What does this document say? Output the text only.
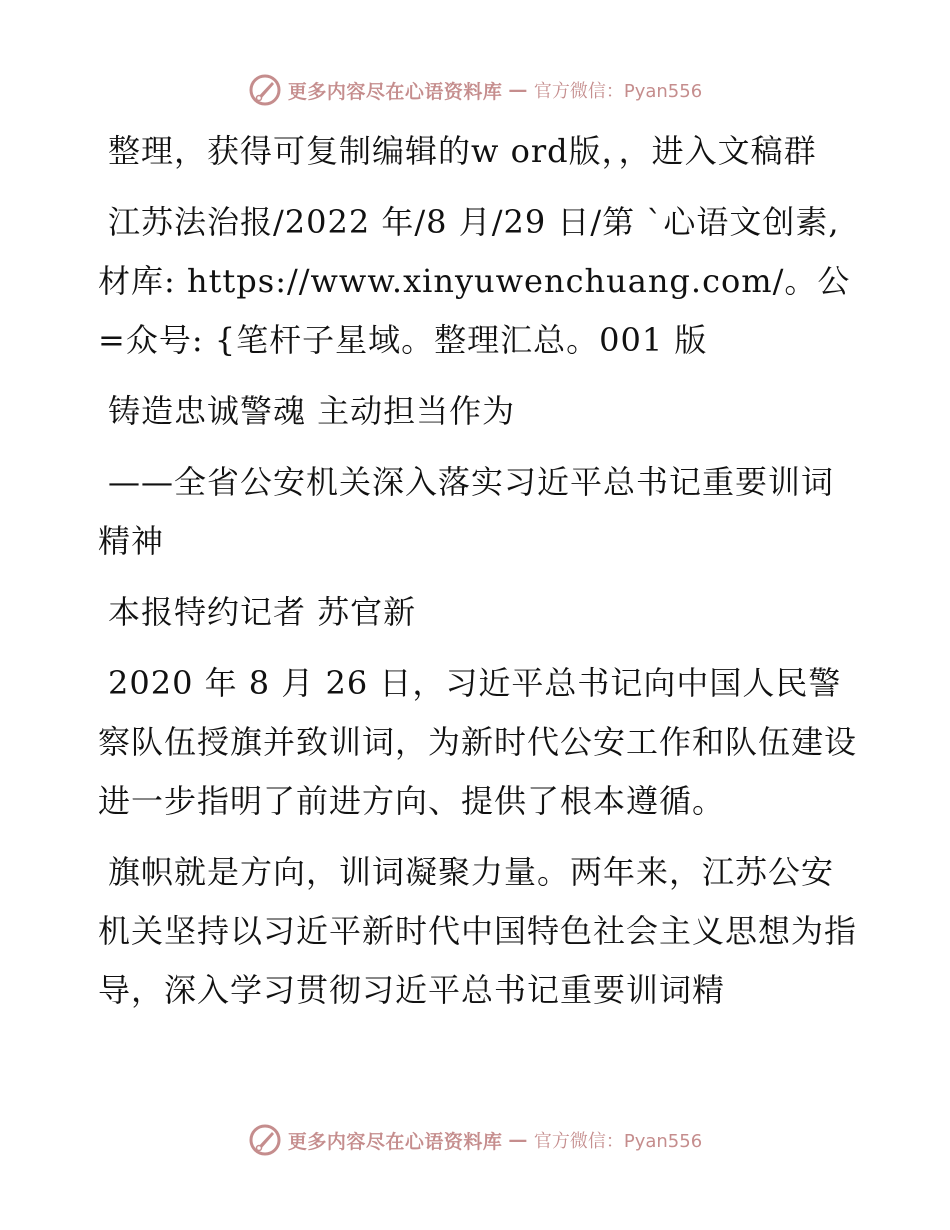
更多内容尽在心语资料库 — 官方微信：Pyan556

整理，获得可复制编辑的w ord版，，进入文稿群

江苏法治报/2022 年/8 月/29 日/第 `心语文创素,材库: https://www.xinyuwenchuang.com/。公=众号: {笔杆子星域。整理汇总。001 版

铸造忠诚警魂 主动担当作为

——全省公安机关深入落实习近平总书记重要训词精神

本报特约记者 苏官新

2020 年 8 月 26 日，习近平总书记向中国人民警察队伍授旗并致训词，为新时代公安工作和队伍建设进一步指明了前进方向、提供了根本遵循。

旗帜就是方向，训词凝聚力量。两年来，江苏公安机关坚持以习近平新时代中国特色社会主义思想为指导，深入学习贯彻习近平总书记重要训词精

更多内容尽在心语资料库 — 官方微信：Pyan556
